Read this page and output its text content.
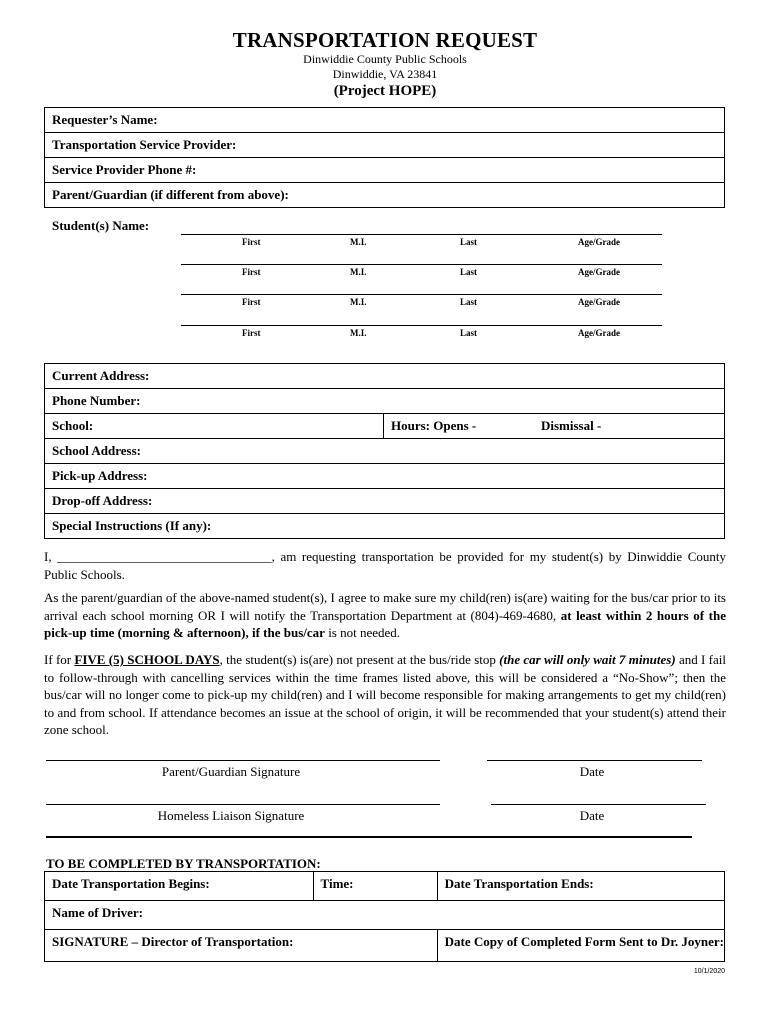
TRANSPORTATION REQUEST
Dinwiddie County Public Schools
Dinwiddie, VA 23841
(Project HOPE)
Requester’s Name:
Transportation Service Provider:
Service Provider Phone #:
Parent/Guardian (if different from above):
Student(s) Name:
First	M.I.	Last	Age/Grade
First	M.I.	Last	Age/Grade
First	M.I.	Last	Age/Grade
First	M.I.	Last	Age/Grade
Current Address:
Phone Number:
School:	Hours: Opens -	Dismissal -
School Address:
Pick-up Address:
Drop-off Address:
Special Instructions (If any):
I, _________________________________, am requesting transportation be provided for my student(s) by Dinwiddie County Public Schools.
As the parent/guardian of the above-named student(s), I agree to make sure my child(ren) is(are) waiting for the bus/car prior to its arrival each school morning OR I will notify the Transportation Department at (804)-469-4680, at least within 2 hours of the pick-up time (morning & afternoon), if the bus/car is not needed.
If for FIVE (5) SCHOOL DAYS, the student(s) is(are) not present at the bus/ride stop (the car will only wait 7 minutes) and I fail to follow-through with cancelling services within the time frames listed above, this will be considered a “No-Show”; then the bus/car will no longer come to pick-up my child(ren) and I will become responsible for making arrangements to get my child(ren) to and from school. If attendance becomes an issue at the school of origin, it will be recommended that your student(s) attend their zone school.
Parent/Guardian Signature	Date
Homeless Liaison Signature	Date
TO BE COMPLETED BY TRANSPORTATION:
Date Transportation Begins:	Time:	Date Transportation Ends:
Name of Driver:		
SIGNATURE – Director of Transportation:		Date Copy of Completed Form Sent to Dr. Joyner:
10/1/2020
